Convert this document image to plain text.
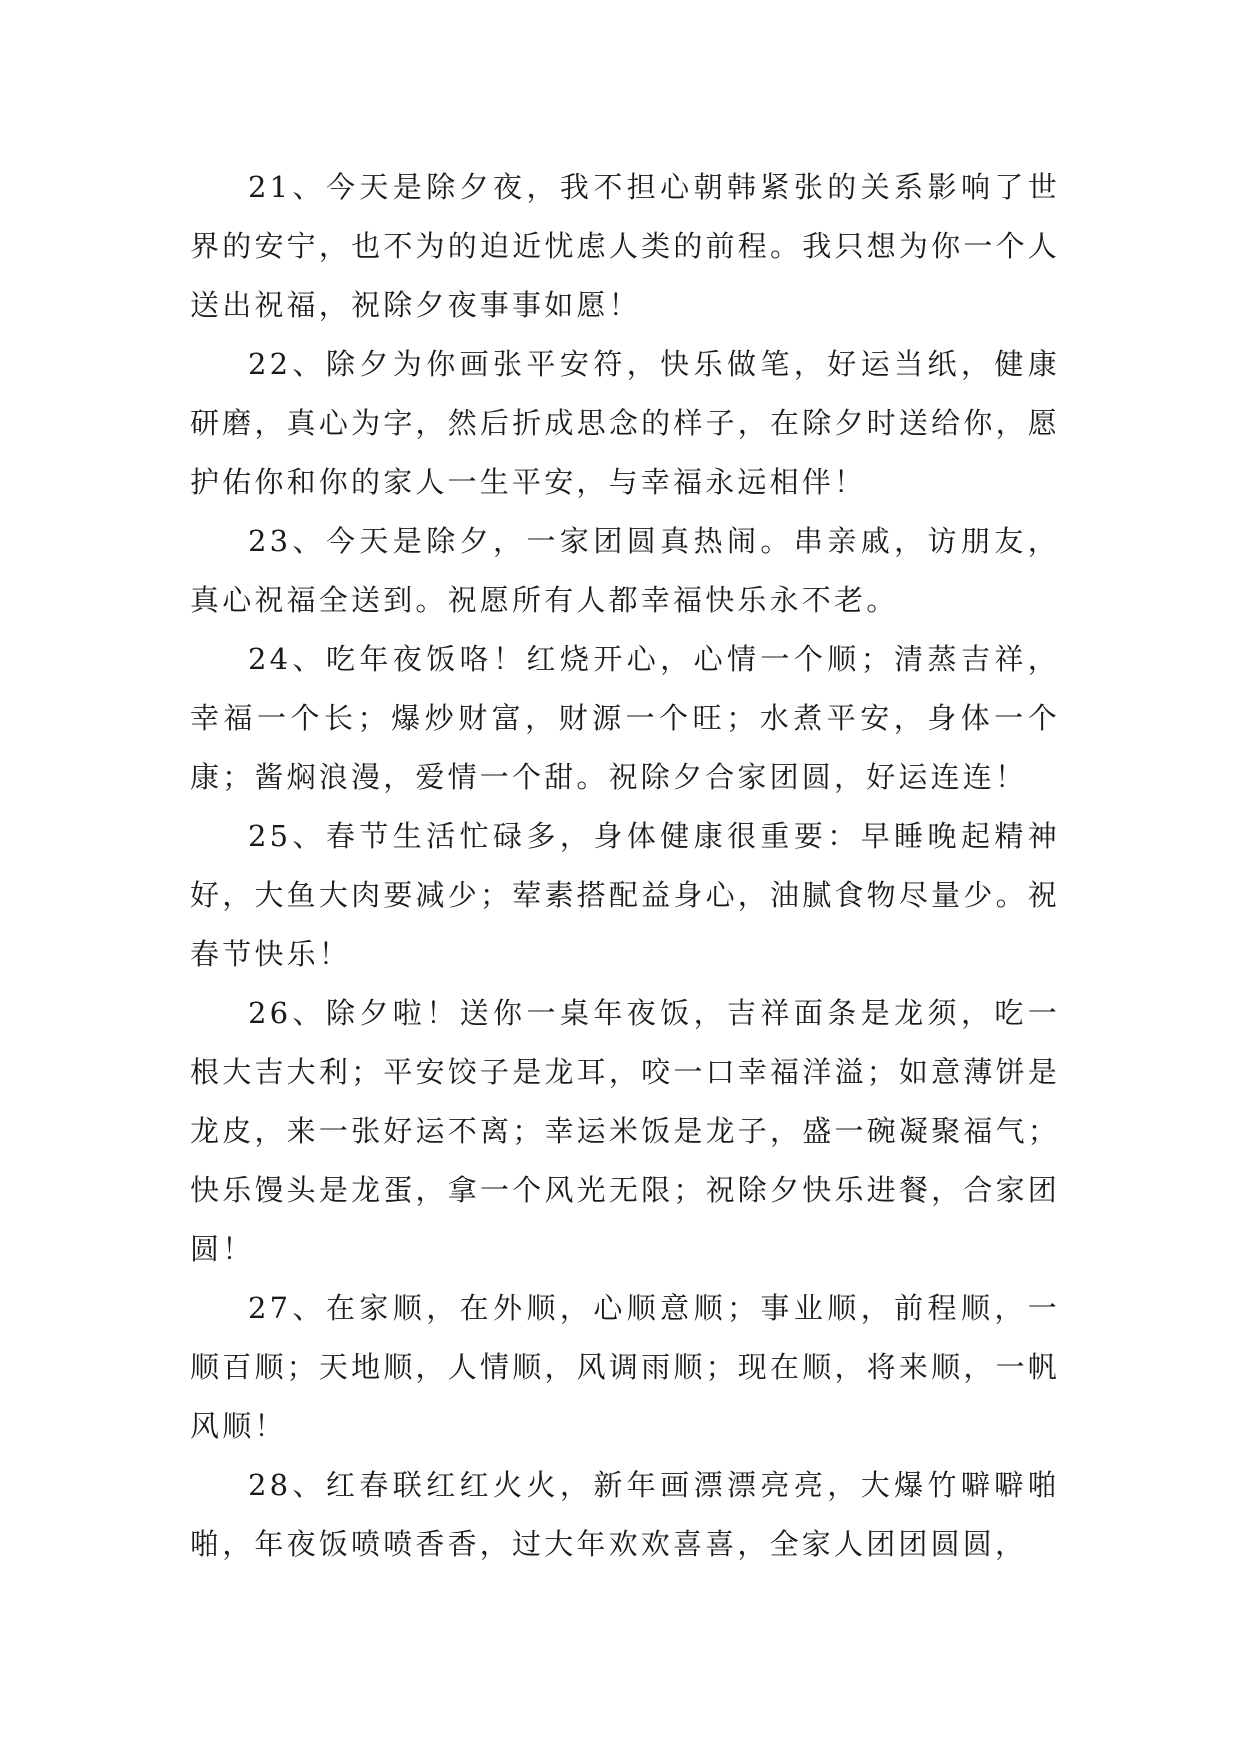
21、今天是除夕夜，我不担心朝韩紧张的关系影响了世界的安宁，也不为的迫近忧虑人类的前程。我只想为你一个人送出祝福，祝除夕夜事事如愿！

22、除夕为你画张平安符，快乐做笔，好运当纸，健康研磨，真心为字，然后折成思念的样子，在除夕时送给你，愿护佑你和你的家人一生平安，与幸福永远相伴！

23、今天是除夕，一家团圆真热闹。串亲戚，访朋友，真心祝福全送到。祝愿所有人都幸福快乐永不老。

24、吃年夜饭咯！红烧开心，心情一个顺；清蒸吉祥，幸福一个长；爆炒财富，财源一个旺；水煮平安，身体一个康；酱焖浪漫，爱情一个甜。祝除夕合家团圆，好运连连！

25、春节生活忙碌多，身体健康很重要：早睡晚起精神好，大鱼大肉要减少；荤素搭配益身心，油腻食物尽量少。祝春节快乐！

26、除夕啦！送你一桌年夜饭，吉祥面条是龙须，吃一根大吉大利；平安饺子是龙耳，咬一口幸福洋溢；如意薄饼是龙皮，来一张好运不离；幸运米饭是龙子，盛一碗凝聚福气；快乐馒头是龙蛋，拿一个风光无限；祝除夕快乐进餐，合家团圆！

27、在家顺，在外顺，心顺意顺；事业顺，前程顺，一顺百顺；天地顺，人情顺，风调雨顺；现在顺，将来顺，一帆风顺！

28、红春联红红火火，新年画漂漂亮亮，大爆竹噼噼啪啪，年夜饭喷喷香香，过大年欢欢喜喜，全家人团团圆圆，
